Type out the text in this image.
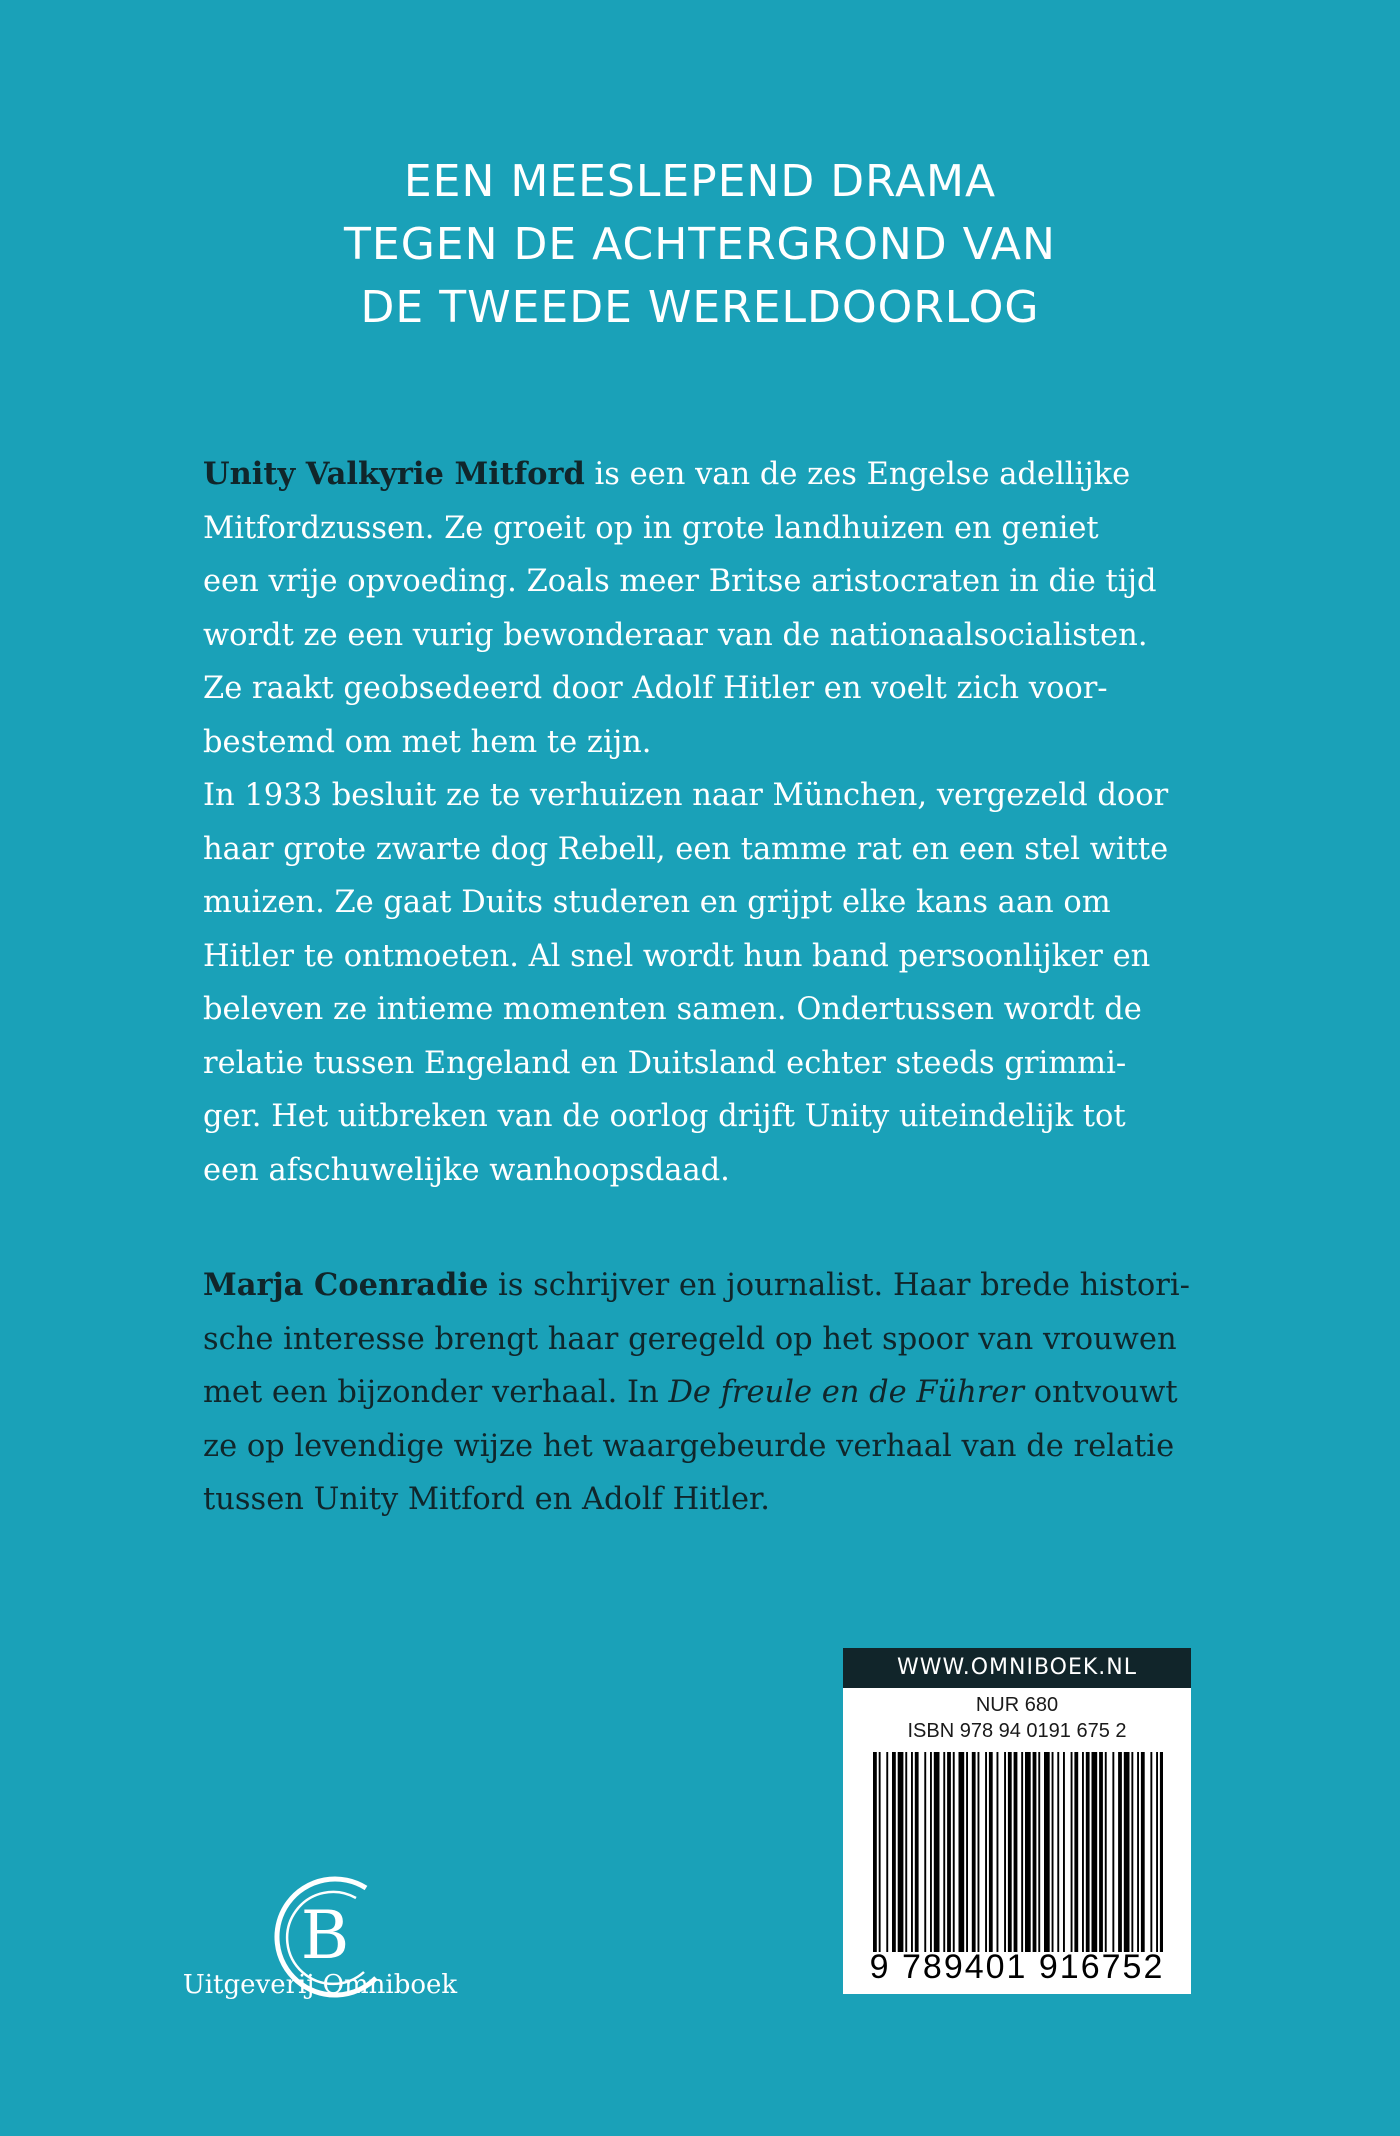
EEN MEESLEPEND DRAMA
TEGEN DE ACHTERGROND VAN
DE TWEEDE WERELDOORLOG
Unity Valkyrie Mitford is een van de zes Engelse adellijke
Mitfordzussen. Ze groeit op in grote landhuizen en geniet
een vrije opvoeding. Zoals meer Britse aristocraten in die tijd
wordt ze een vurig bewonderaar van de nationaalsocialisten.
Ze raakt geobsedeerd door Adolf Hitler en voelt zich voor-
bestemd om met hem te zijn.
In 1933 besluit ze te verhuizen naar München, vergezeld door
haar grote zwarte dog Rebell, een tamme rat en een stel witte
muizen. Ze gaat Duits studeren en grijpt elke kans aan om
Hitler te ontmoeten. Al snel wordt hun band persoonlijker en
beleven ze intieme momenten samen. Ondertussen wordt de
relatie tussen Engeland en Duitsland echter steeds grimmi-
ger. Het uitbreken van de oorlog drijft Unity uiteindelijk tot
een afschuwelijke wanhoopsdaad.
Marja Coenradie is schrijver en journalist. Haar brede histori-
sche interesse brengt haar geregeld op het spoor van vrouwen
met een bijzonder verhaal. In De freule en de Führer ontvouwt
ze op levendige wijze het waargebeurde verhaal van de relatie
tussen Unity Mitford en Adolf Hitler.
B
Uitgeverij Omniboek
WWW.OMNIBOEK.NL
NUR 680
ISBN 978 94 0191 675 2
9 789401 916752
